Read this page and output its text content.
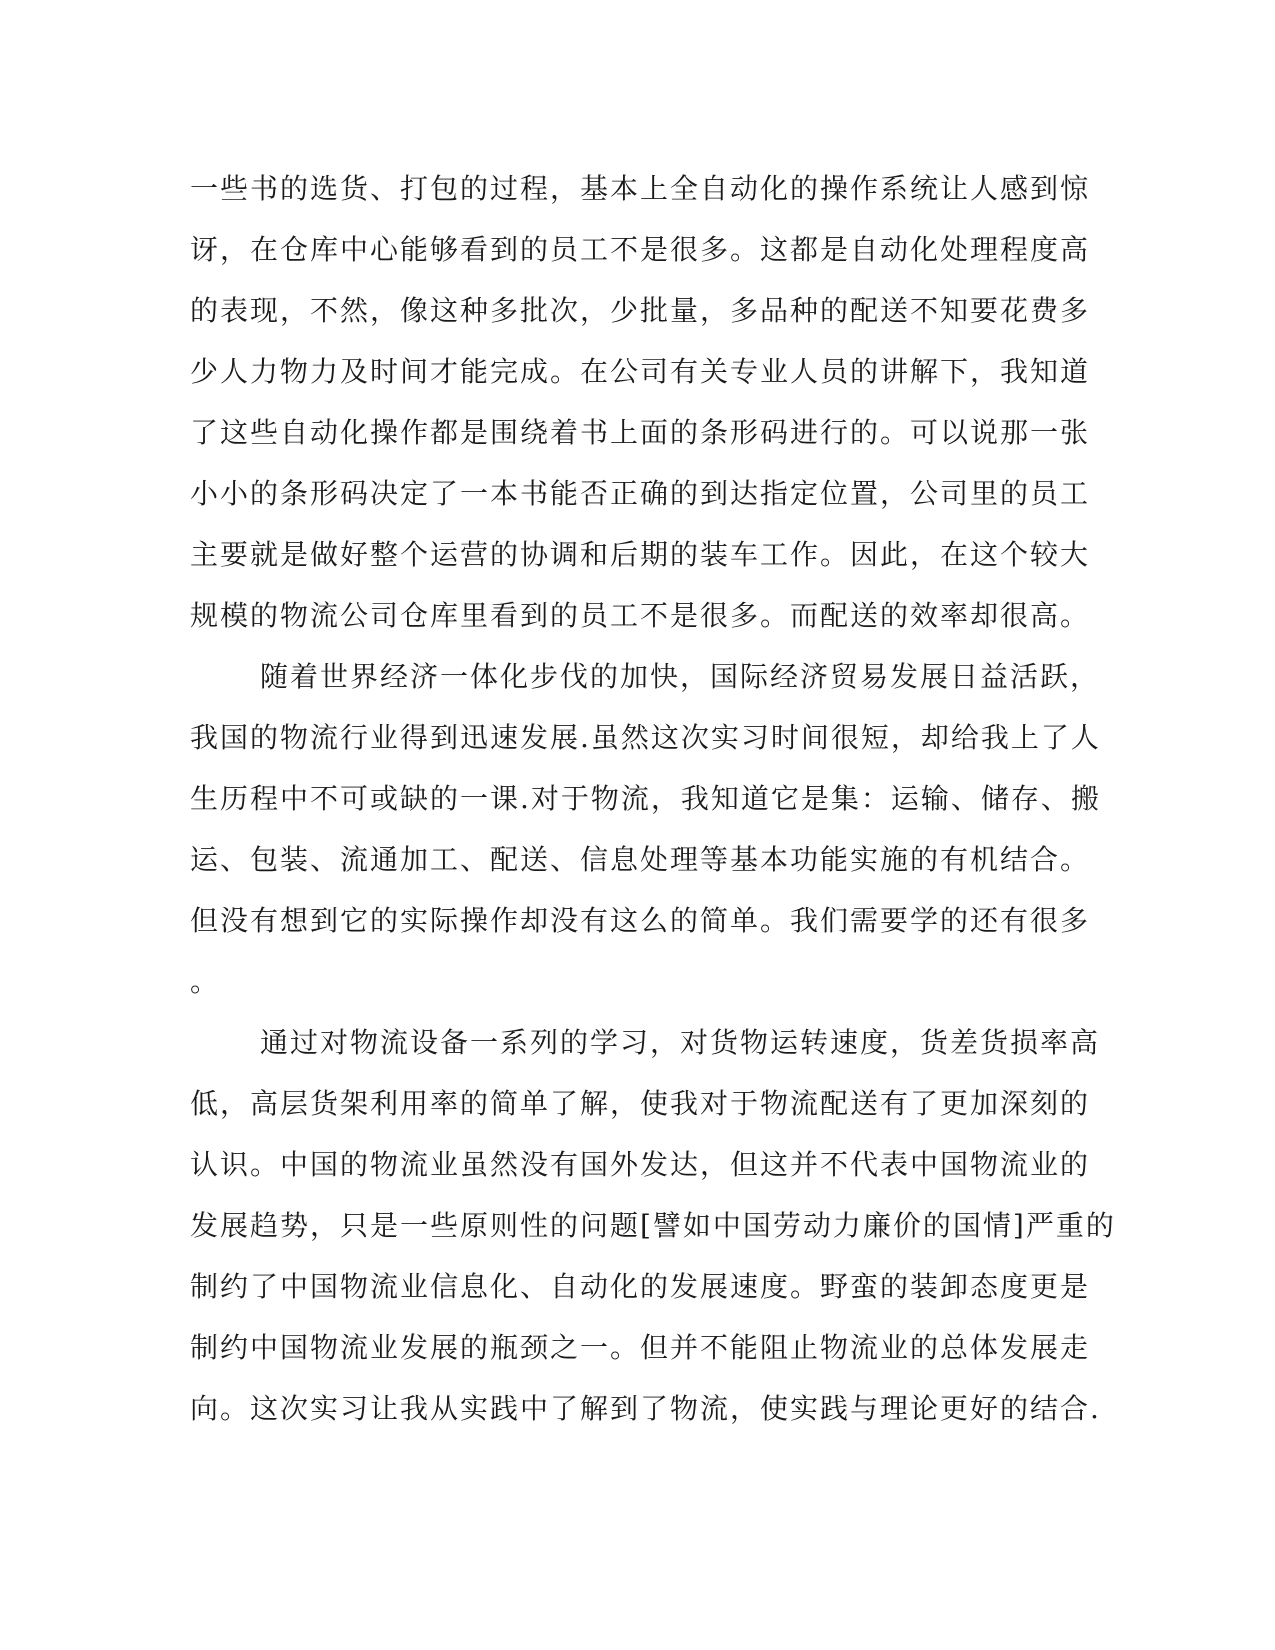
一些书的选货、打包的过程，基本上全自动化的操作系统让人感到惊
讶，在仓库中心能够看到的员工不是很多。这都是自动化处理程度高
的表现，不然，像这种多批次，少批量，多品种的配送不知要花费多
少人力物力及时间才能完成。在公司有关专业人员的讲解下，我知道
了这些自动化操作都是围绕着书上面的条形码进行的。可以说那一张
小小的条形码决定了一本书能否正确的到达指定位置，公司里的员工
主要就是做好整个运营的协调和后期的装车工作。因此，在这个较大
规模的物流公司仓库里看到的员工不是很多。而配送的效率却很高。
随着世界经济一体化步伐的加快，国际经济贸易发展日益活跃，
我国的物流行业得到迅速发展.虽然这次实习时间很短，却给我上了人
生历程中不可或缺的一课.对于物流，我知道它是集：运输、储存、搬
运、包装、流通加工、配送、信息处理等基本功能实施的有机结合。
但没有想到它的实际操作却没有这么的简单。我们需要学的还有很多
。
通过对物流设备一系列的学习，对货物运转速度，货差货损率高
低，高层货架利用率的简单了解，使我对于物流配送有了更加深刻的
认识。中国的物流业虽然没有国外发达，但这并不代表中国物流业的
发展趋势，只是一些原则性的问题[譬如中国劳动力廉价的国情]严重的
制约了中国物流业信息化、自动化的发展速度。野蛮的装卸态度更是
制约中国物流业发展的瓶颈之一。但并不能阻止物流业的总体发展走
向。这次实习让我从实践中了解到了物流，使实践与理论更好的结合.
